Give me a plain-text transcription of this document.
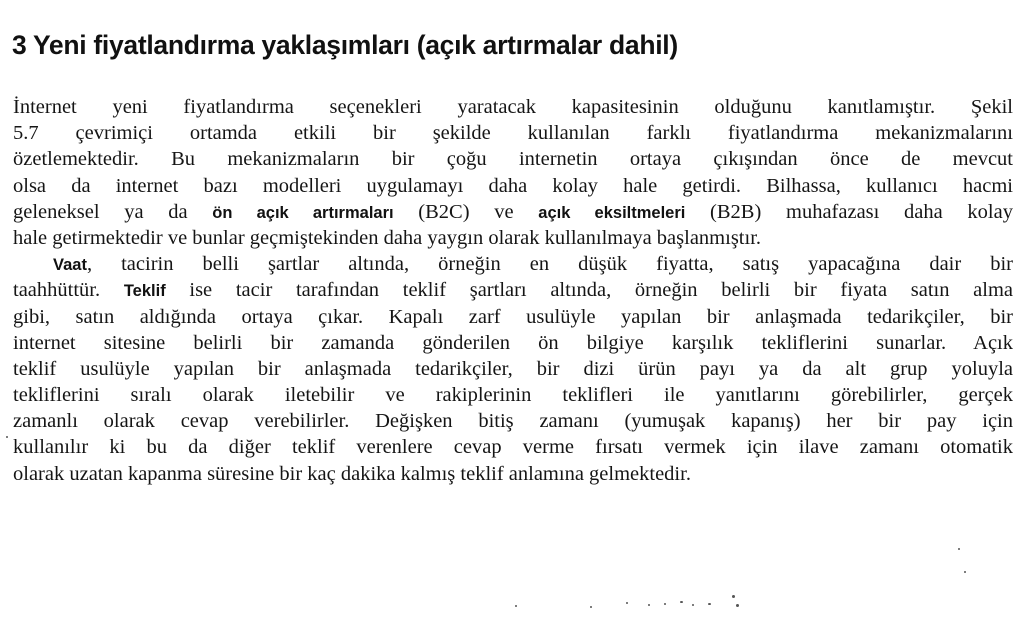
3 Yeni fiyatlandırma yaklaşımları (açık artırmalar dahil)
İnternet yeni fiyatlandırma seçenekleri yaratacak kapasitesinin olduğunu kanıtlamıştır. Şekil
5.7 çevrimiçi ortamda etkili bir şekilde kullanılan farklı fiyatlandırma mekanizmalarını
özetlemektedir. Bu mekanizmaların bir çoğu internetin ortaya çıkışından önce de mevcut
olsa da internet bazı modelleri uygulamayı daha kolay hale getirdi. Bilhassa, kullanıcı hacmi
geleneksel ya da ön açık artırmaları (B2C) ve açık eksiltmeleri (B2B) muhafazası daha kolay
hale getirmektedir ve bunlar geçmiştekinden daha yaygın olarak kullanılmaya başlanmıştır.
Vaat, tacirin belli şartlar altında, örneğin en düşük fiyatta, satış yapacağına dair bir
taahhüttür. Teklif ise tacir tarafından teklif şartları altında, örneğin belirli bir fiyata satın alma
gibi, satın aldığında ortaya çıkar. Kapalı zarf usulüyle yapılan bir anlaşmada tedarikçiler, bir
internet sitesine belirli bir zamanda gönderilen ön bilgiye karşılık tekliflerini sunarlar. Açık
teklif usulüyle yapılan bir anlaşmada tedarikçiler, bir dizi ürün payı ya da alt grup yoluyla
tekliflerini sıralı olarak iletebilir ve rakiplerinin teklifleri ile yanıtlarını görebilirler, gerçek
zamanlı olarak cevap verebilirler. Değişken bitiş zamanı (yumuşak kapanış) her bir pay için
kullanılır ki bu da diğer teklif verenlere cevap verme fırsatı vermek için ilave zamanı otomatik
olarak uzatan kapanma süresine bir kaç dakika kalmış teklif anlamına gelmektedir.
